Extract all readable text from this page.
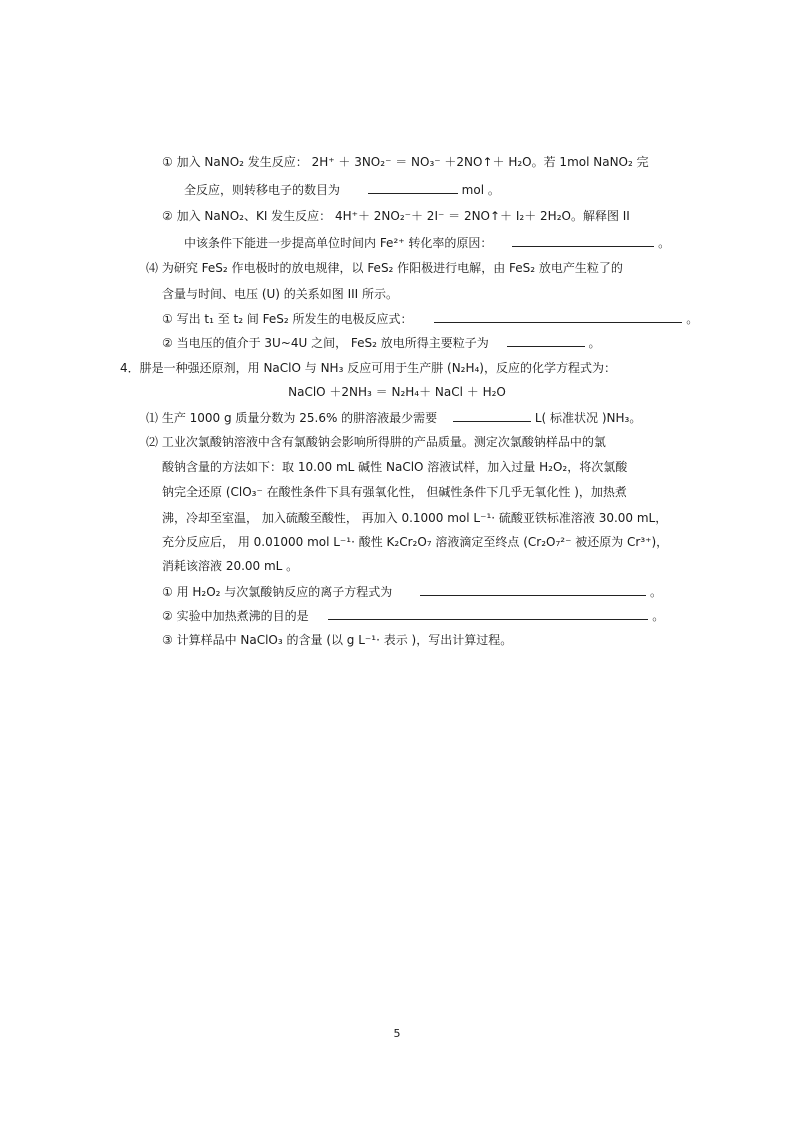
① 加入 NaNO₂ 发生反应： 2H⁺ ＋ 3NO₂⁻ ＝ NO₃⁻ ＋2NO↑＋ H₂O。若 1mol NaNO₂ 完
全反应，则转移电子的数目为	mol 。
② 加入 NaNO₂、KI 发生反应： 4H⁺＋ 2NO₂⁻＋ 2I⁻ ＝ 2NO↑＋ I₂＋ 2H₂O。解释图 II
中该条件下能进一步提高单位时间内 Fe²⁺ 转化率的原因：	。
⑷ 为研究 FeS₂ 作电极时的放电规律，以 FeS₂ 作阳极进行电解，由 FeS₂ 放电产生粒了的
含量与时间、电压 (U) 的关系如图 III 所示。
① 写出 t₁ 至 t₂ 间 FeS₂ 所发生的电极反应式：	。
② 当电压的值介于 3U~4U 之间， FeS₂ 放电所得主要粒子为	。
4．肼是一种强还原剂，用 NaClO 与 NH₃ 反应可用于生产肼 (N₂H₄)，反应的化学方程式为：
NaClO ＋2NH₃ ＝ N₂H₄＋ NaCl ＋ H₂O
⑴ 生产 1000 g 质量分数为 25.6% 的肼溶液最少需要	L( 标准状况 )NH₃。
⑵ 工业次氯酸钠溶液中含有氯酸钠会影响所得肼的产品质量。测定次氯酸钠样品中的氯
酸钠含量的方法如下：取 10.00 mL 碱性 NaClO 溶液试样，加入过量 H₂O₂，将次氯酸
钠完全还原 (ClO₃⁻ 在酸性条件下具有强氧化性， 但碱性条件下几乎无氧化性 )，加热煮
沸，冷却至室温， 加入硫酸至酸性， 再加入 0.1000 mol L⁻¹· 硫酸亚铁标准溶液 30.00 mL，
充分反应后， 用 0.01000 mol L⁻¹· 酸性 K₂Cr₂O₇ 溶液滴定至终点 (Cr₂O₇²⁻ 被还原为 Cr³⁺)，
消耗该溶液 20.00 mL 。
① 用 H₂O₂ 与次氯酸钠反应的离子方程式为	。
② 实验中加热煮沸的目的是	。
③ 计算样品中 NaClO₃ 的含量 (以 g L⁻¹· 表示 )，写出计算过程。
5
